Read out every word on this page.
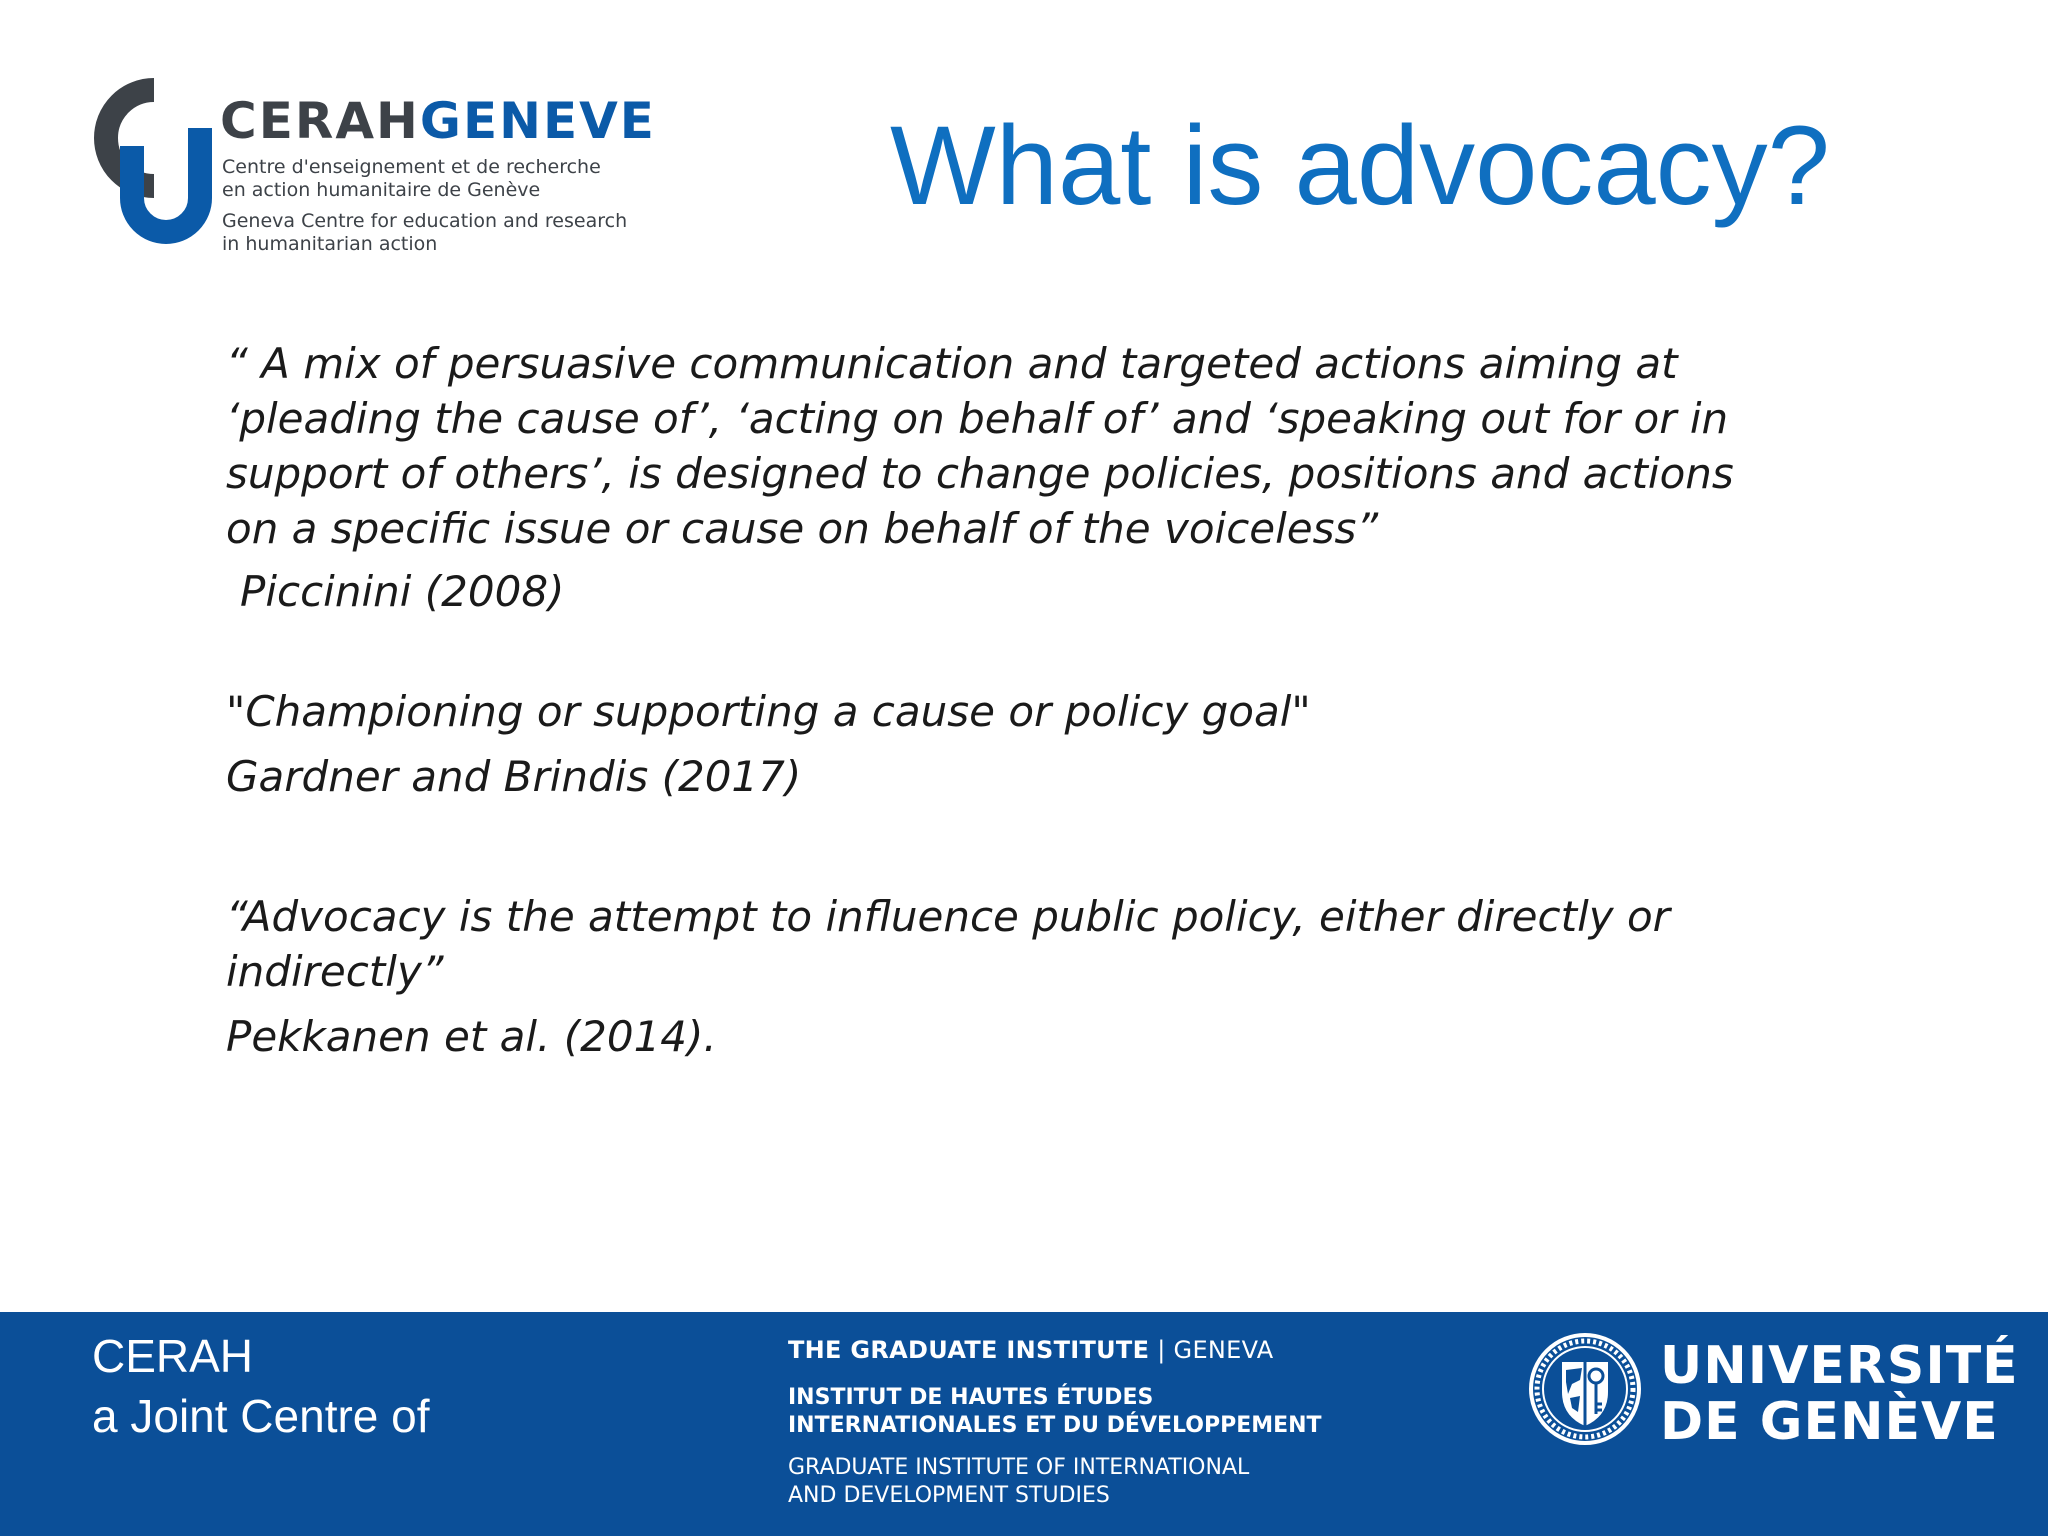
CERAHGENEVE
Centre d'enseignement et de recherche
en action humanitaire de Genève
Geneva Centre for education and research
in humanitarian action
What is advocacy?

“ A mix of persuasive communication and targeted actions aiming at

‘pleading the cause of’, ‘acting on behalf of’ and ‘speaking out for or in

support of others’, is designed to change policies, positions and actions

on a specific issue or cause on behalf of the voiceless”

Piccinini (2008)

"Championing or supporting a cause or policy goal"

Gardner and Brindis (2017)

“Advocacy is the attempt to influence public policy, either directly or

indirectly”

Pekkanen et al. (2014).

CERAH
a Joint Centre of
THE GRADUATE INSTITUTE | GENEVA
INSTITUT DE HAUTES ÉTUDES
INTERNATIONALES ET DU DÉVELOPPEMENT
GRADUATE INSTITUTE OF INTERNATIONAL
AND DEVELOPMENT STUDIES
UNIVERSITÉ
DE GENÈVE
